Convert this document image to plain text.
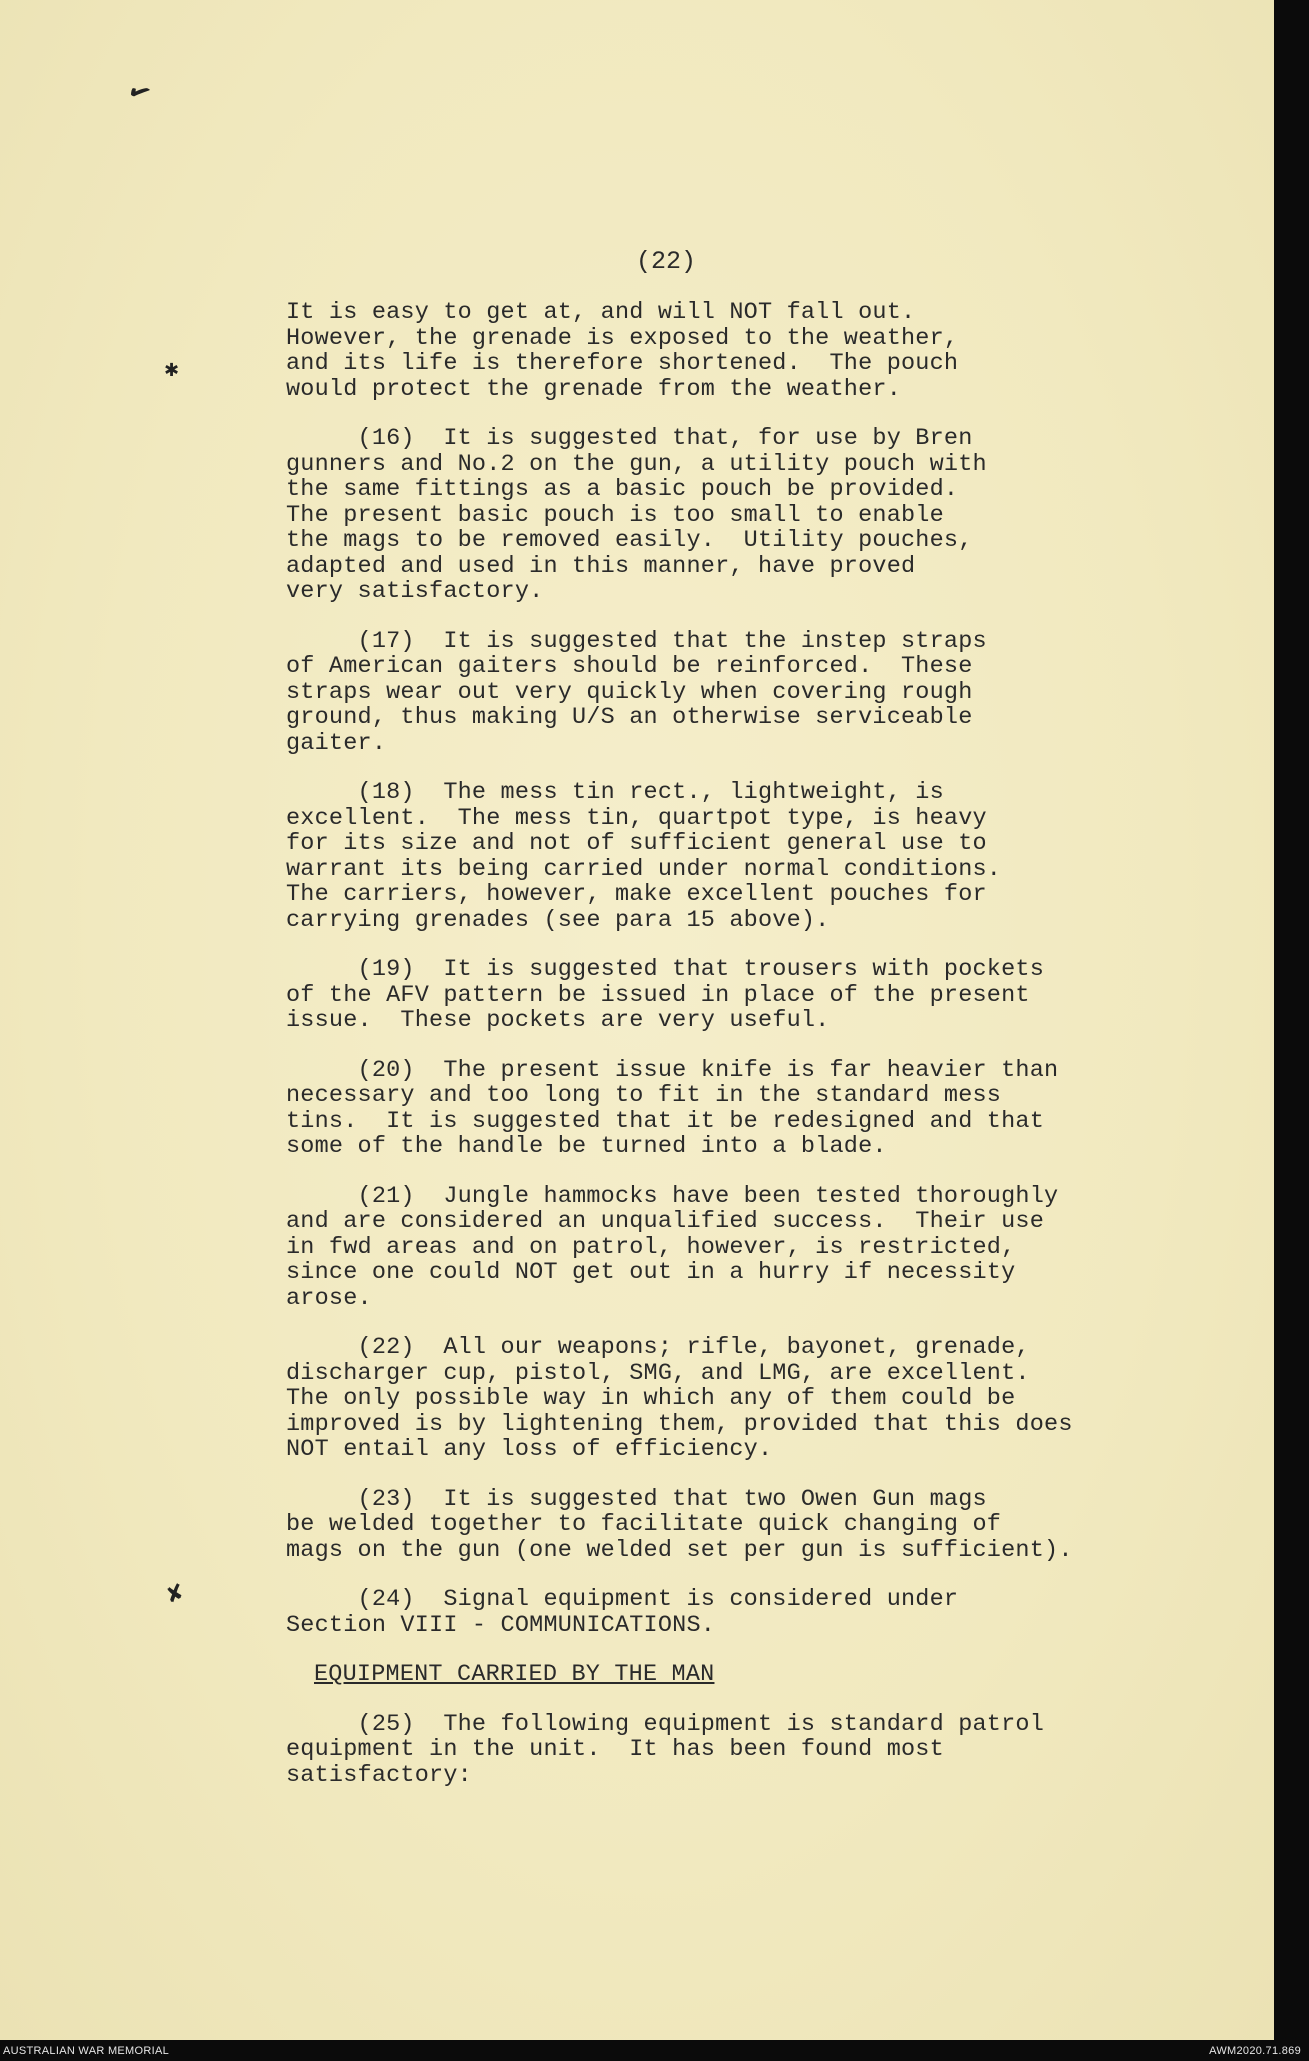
✔
✱
✘
(22)
It is easy to get at, and will NOT fall out.
However, the grenade is exposed to the weather,
and its life is therefore shortened.  The pouch
would protect the grenade from the weather.
(16)  It is suggested that, for use by Bren
gunners and No.2 on the gun, a utility pouch with
the same fittings as a basic pouch be provided.
The present basic pouch is too small to enable
the mags to be removed easily.  Utility pouches,
adapted and used in this manner, have proved
very satisfactory.
(17)  It is suggested that the instep straps
of American gaiters should be reinforced.  These
straps wear out very quickly when covering rough
ground, thus making U/S an otherwise serviceable
gaiter.
(18)  The mess tin rect., lightweight, is
excellent.  The mess tin, quartpot type, is heavy
for its size and not of sufficient general use to
warrant its being carried under normal conditions.
The carriers, however, make excellent pouches for
carrying grenades (see para 15 above).
(19)  It is suggested that trousers with pockets
of the AFV pattern be issued in place of the present
issue.  These pockets are very useful.
(20)  The present issue knife is far heavier than
necessary and too long to fit in the standard mess
tins.  It is suggested that it be redesigned and that
some of the handle be turned into a blade.
(21)  Jungle hammocks have been tested thoroughly
and are considered an unqualified success.  Their use
in fwd areas and on patrol, however, is restricted,
since one could NOT get out in a hurry if necessity
arose.
(22)  All our weapons; rifle, bayonet, grenade,
discharger cup, pistol, SMG, and LMG, are excellent.
The only possible way in which any of them could be
improved is by lightening them, provided that this does
NOT entail any loss of efficiency.
(23)  It is suggested that two Owen Gun mags
be welded together to facilitate quick changing of
mags on the gun (one welded set per gun is sufficient).
(24)  Signal equipment is considered under
Section VIII - COMMUNICATIONS.
EQUIPMENT CARRIED BY THE MAN
(25)  The following equipment is standard patrol
equipment in the unit.  It has been found most
satisfactory:
AUSTRALIAN WAR MEMORIAL	AWM2020.71.869
